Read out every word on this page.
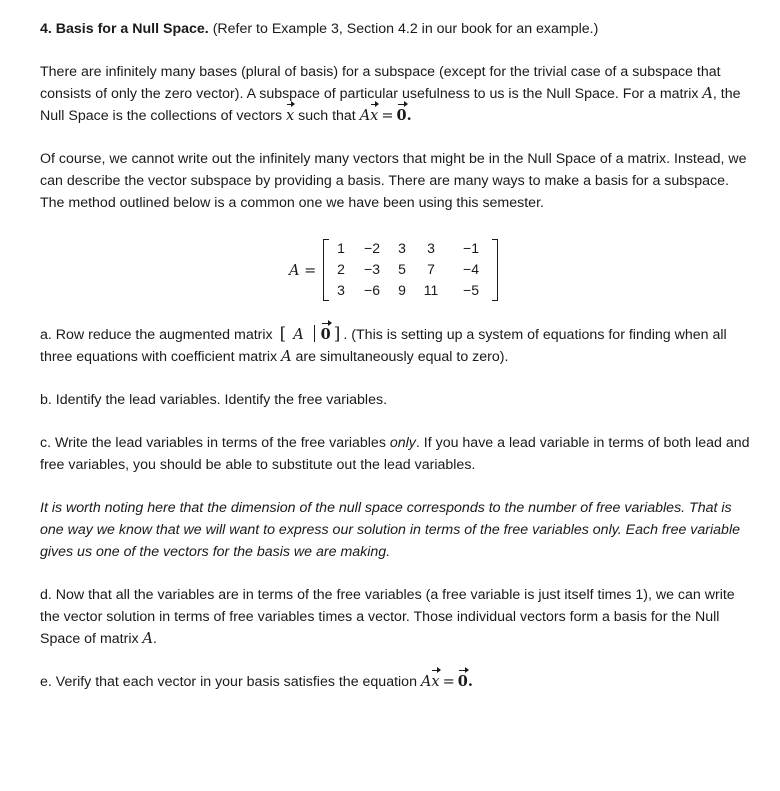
4. Basis for a Null Space. (Refer to Example 3, Section 4.2 in our book for an example.)

There are infinitely many bases (plural of basis) for a subspace (except for the trivial case of a subspace that consists of only the zero vector). A subspace of particular usefulness to us is the Null Space. For a matrix A, the Null Space is the collections of vectors x such that Ax = 0.

Of course, we cannot write out the infinitely many vectors that might be in the Null Space of a matrix. Instead, we can describe the vector subspace by providing a basis. There are many ways to make a basis for a subspace. The method outlined below is a common one we have been using this semester.

A =
1	−2	3	3	−1
2	−3	5	7	−4
3	−6	9	11	−5

a. Row reduce the augmented matrix [ A 0 ] . (This is setting up a system of equations for finding when all three equations with coefficient matrix A are simultaneously equal to zero).

b. Identify the lead variables. Identify the free variables.

c. Write the lead variables in terms of the free variables only. If you have a lead variable in terms of both lead and free variables, you should be able to substitute out the lead variables.

It is worth noting here that the dimension of the null space corresponds to the number of free variables. That is one way we know that we will want to express our solution in terms of the free variables only. Each free variable gives us one of the vectors for the basis we are making.

d. Now that all the variables are in terms of the free variables (a free variable is just itself times 1), we can write the vector solution in terms of free variables times a vector. Those individual vectors form a basis for the Null Space of matrix A.

e. Verify that each vector in your basis satisfies the equation Ax = 0.
